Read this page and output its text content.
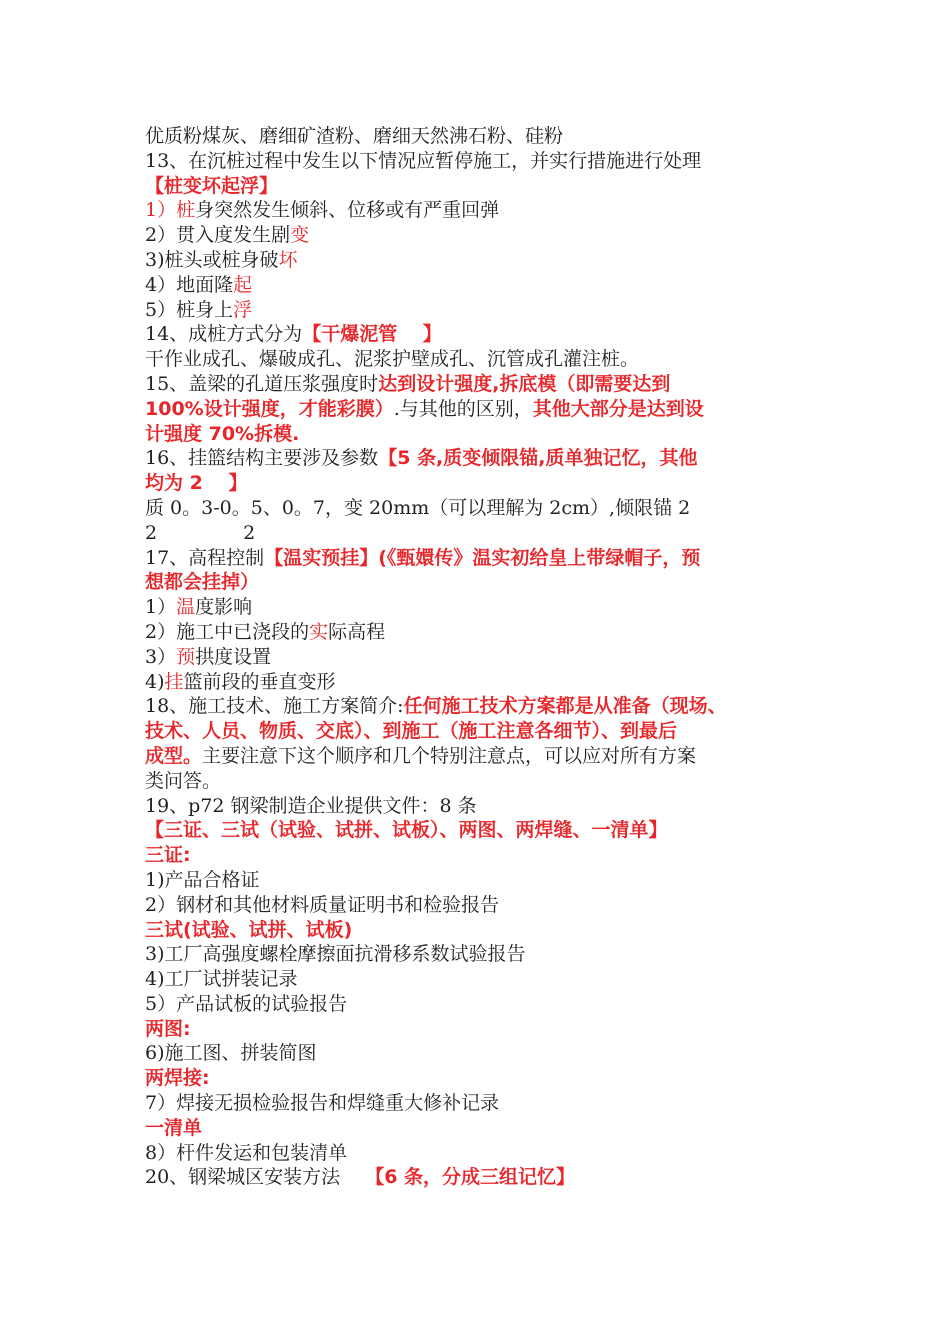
优质粉煤灰、磨细矿渣粉、磨细天然沸石粉、硅粉
13、在沉桩过程中发生以下情况应暂停施工，并实行措施进行处理
【桩变坏起浮】
1）桩身突然发生倾斜、位移或有严重回弹
2）贯入度发生剧变
3)桩头或桩身破坏
4）地面隆起
5）桩身上浮
14、成桩方式分为【干爆泥管　 】
干作业成孔、爆破成孔、泥浆护壁成孔、沉管成孔灌注桩。
15、盖梁的孔道压浆强度时达到设计强度,拆底模（即需要达到
100%设计强度，才能彩膜）.与其他的区别，其他大部分是达到设
计强度 70%拆模.
16、挂篮结构主要涉及参数【5 条,质变倾限锚,质单独记忆，其他
均为 2　 】
质 0。3-0。5、0。7，变 20mm（可以理解为 2cm）,倾限锚 2
2	2
17、高程控制【温实预挂】(《甄嬛传》温实初给皇上带绿帽子，预
想都会挂掉）
1）温度影响
2）施工中已浇段的实际高程
3）预拱度设置
4)挂篮前段的垂直变形
18、施工技术、施工方案简介:任何施工技术方案都是从准备（现场、
技术、人员、物质、交底）、到施工（施工注意各细节）、到最后
成型。主要注意下这个顺序和几个特别注意点，可以应对所有方案
类问答。
19、p72 钢梁制造企业提供文件：8 条
【三证、三试（试验、试拼、试板）、两图、两焊缝、一清单】
三证:
1)产品合格证
2）钢材和其他材料质量证明书和检验报告
三试(试验、试拼、试板)
3)工厂高强度螺栓摩擦面抗滑移系数试验报告
4)工厂试拼装记录
5）产品试板的试验报告
两图:
6)施工图、拼装简图
两焊接:
7）焊接无损检验报告和焊缝重大修补记录
一清单
8）杆件发运和包装清单
20、钢梁城区安装方法　 【6 条，分成三组记忆】
